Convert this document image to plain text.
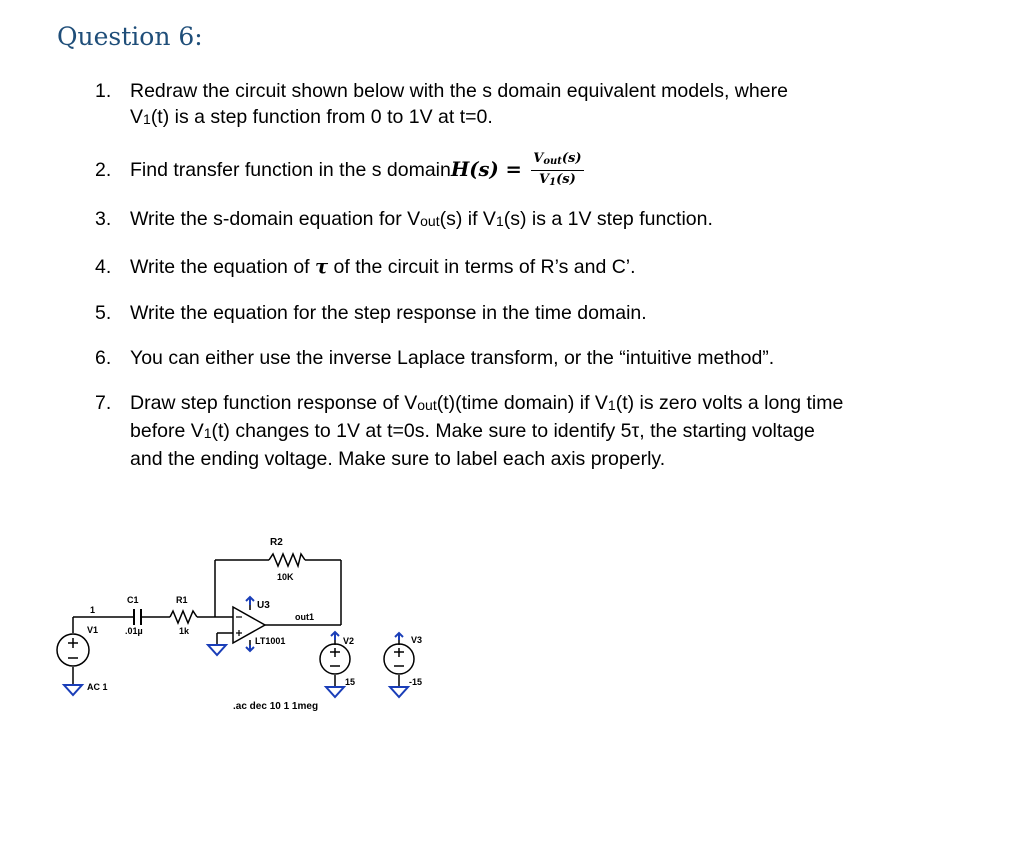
Question 6:
1. Redraw the circuit shown below with the s domain equivalent models, where
V1(t) is a step function from 0 to 1V at t=0.
2. Find transfer function in the s domainH(s) = $\frac{\text{Vout(s)}}{V1(s)}$
3. Write the s-domain equation for Vout(s) if V1(s) is a 1V step function.
4. Write the equation of τ of the circuit in terms of R’s and C’.
5. Write the equation for the step response in the time domain.
6. You can either use the inverse Laplace transform, or the “intuitive method”.
7. Draw step function response of Vout(t)(time domain) if V1(t) is zero volts a long time
before V1(t) changes to 1V at t=0s. Make sure to identify 5τ, the starting voltage
and the ending voltage. Make sure to label each axis properly.
R2
10K
1
C1
.01µ
R1
1k
U3
out1
LT1001
V1
AC 1
V2
15
V3
-15
.ac dec 10 1 1meg
